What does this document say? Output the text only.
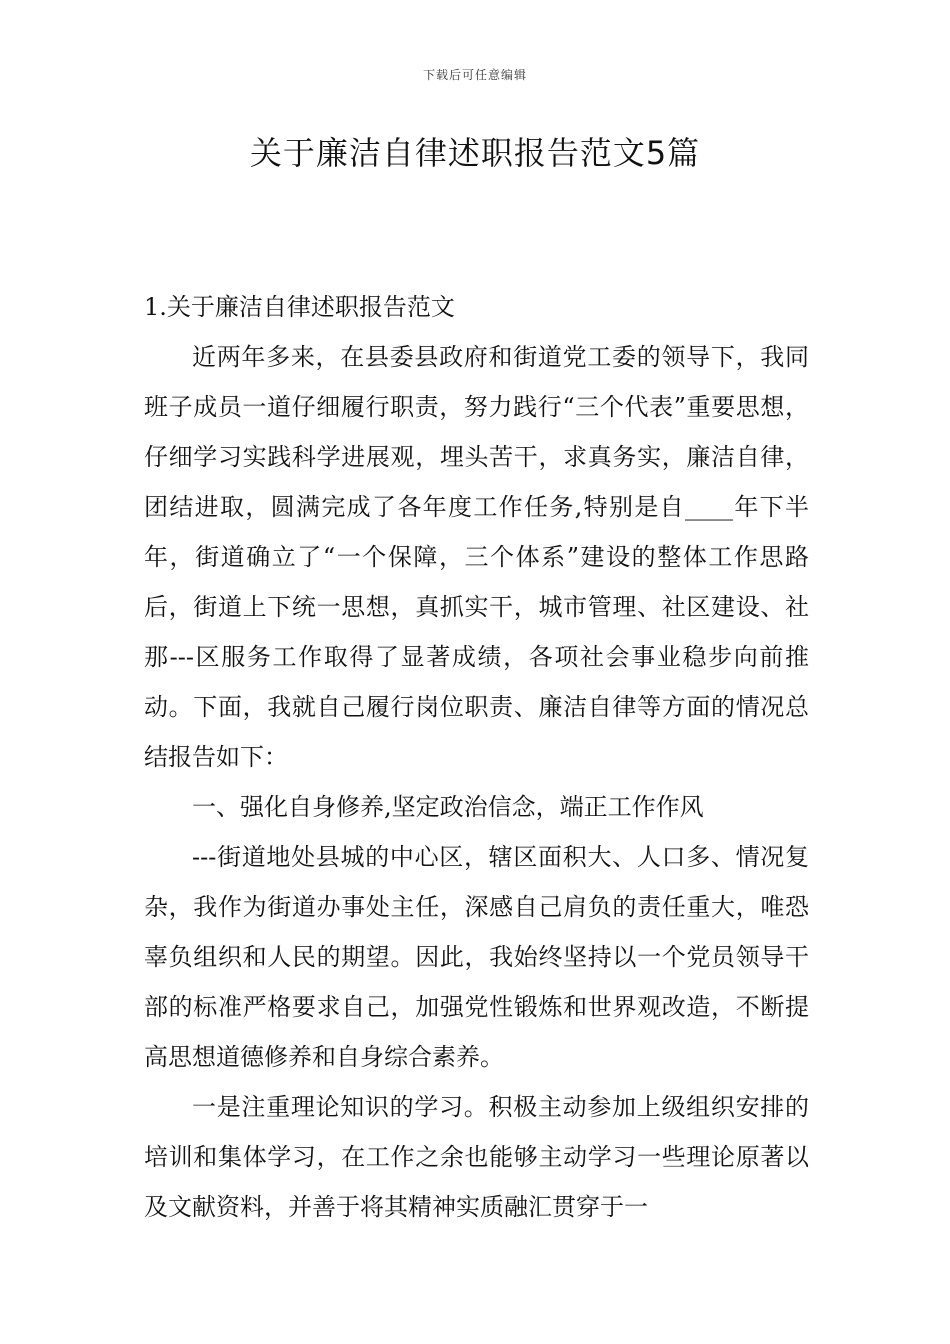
下载后可任意编辑
关于廉洁自律述职报告范文5篇

1.关于廉洁自律述职报告范文

近两年多来，在县委县政府和街道党工委的领导下，我同班子成员一道仔细履行职责，努力践行“三个代表”重要思想，仔细学习实践科学进展观，埋头苦干，求真务实，廉洁自律，团结进取，圆满完成了各年度工作任务,特别是自____年下半年，街道确立了“一个保障，三个体系”建设的整体工作思路后，街道上下统一思想，真抓实干，城市管理、社区建设、社那---区服务工作取得了显著成绩，各项社会事业稳步向前推动。下面，我就自己履行岗位职责、廉洁自律等方面的情况总结报告如下：

一、强化自身修养,坚定政治信念，端正工作作风

---街道地处县城的中心区，辖区面积大、人口多、情况复杂，我作为街道办事处主任，深感自己肩负的责任重大，唯恐辜负组织和人民的期望。因此，我始终坚持以一个党员领导干部的标准严格要求自己，加强党性锻炼和世界观改造，不断提高思想道德修养和自身综合素养。

一是注重理论知识的学习。积极主动参加上级组织安排的培训和集体学习，在工作之余也能够主动学习一些理论原著以及文献资料，并善于将其精神实质融汇贯穿于一
